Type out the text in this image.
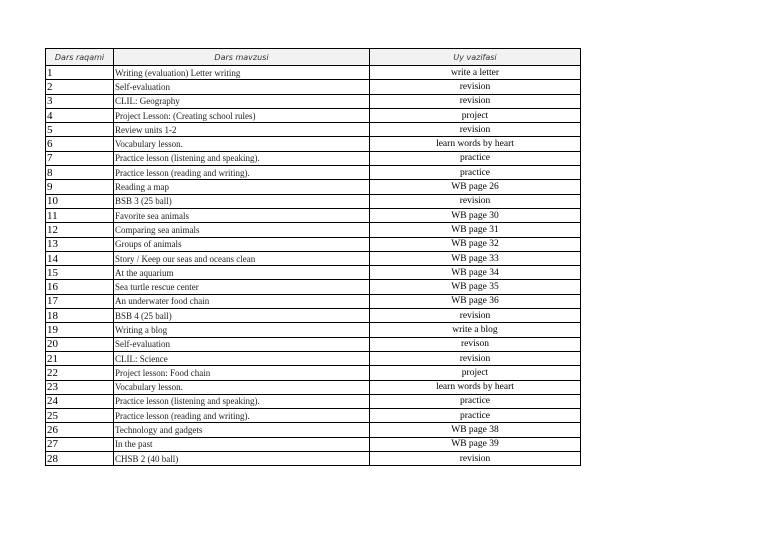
Dars raqami	Dars mavzusi	Uy vazifasi
1	Writing (evaluation) Letter writing	write a letter
2	Self-evaluation	revision
3	CLIL: Geography	revision
4	Project Lesson: (Creating school rules)	project
5	Review units 1-2	revision
6	Vocabulary lesson.	learn words by heart
7	Practice lesson (listening and speaking).	practice
8	Practice lesson (reading and writing).	practice
9	Reading a map	WB page 26
10	BSB 3 (25 ball)	revision
11	Favorite sea animals	WB page 30
12	Comparing sea animals	WB page 31
13	Groups of animals	WB page 32
14	Story / Keep our seas and oceans clean	WB page 33
15	At the aquarium	WB page 34
16	Sea turtle rescue center	WB page 35
17	An underwater food chain	WB page 36
18	BSB 4 (25 ball)	revision
19	Writing a blog	write a blog
20	Self-evaluation	revison
21	CLIL: Science	revision
22	Project lesson: Food chain	project
23	Vocabulary lesson.	learn words by heart
24	Practice lesson (listening and speaking).	practice
25	Practice lesson (reading and writing).	practice
26	Technology and gadgets	WB page 38
27	In the past	WB page 39
28	CHSB 2 (40 ball)	revision
